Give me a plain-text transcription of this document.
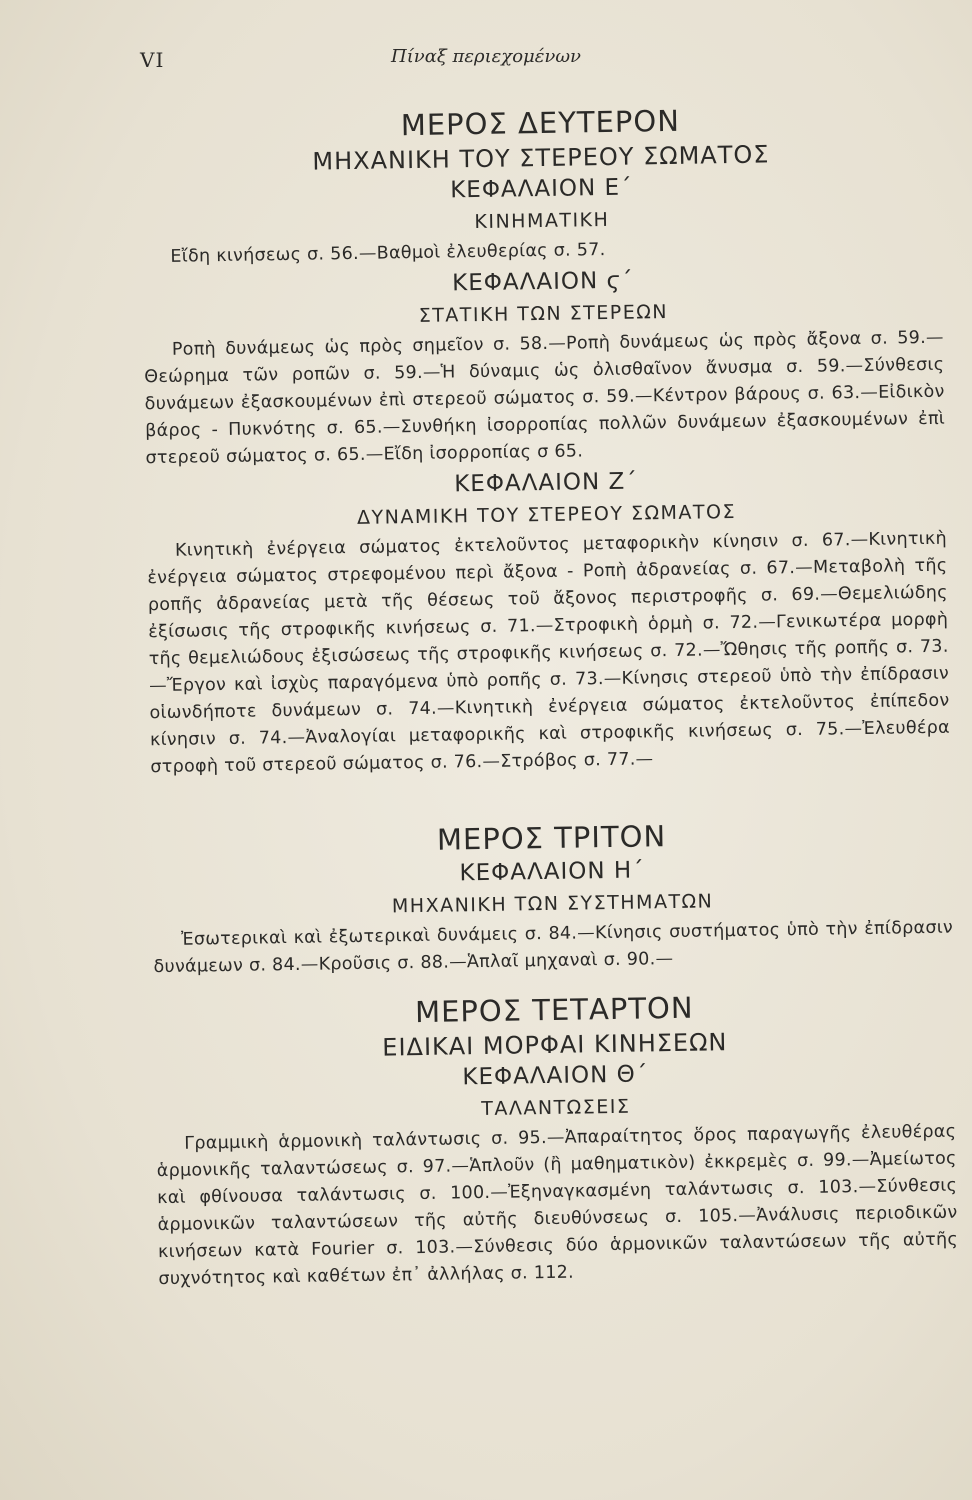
VI	Πίναξ περιεχομένων
ΜΕΡΟΣ ΔΕΥΤΕΡΟΝ
ΜΗΧΑΝΙΚΗ ΤΟΥ ΣΤΕΡΕΟΥ ΣΩΜΑΤΟΣ
ΚΕΦΑΛΑΙΟΝ Ε΄
ΚΙΝΗΜΑΤΙΚΗ

Εἴδη κινήσεως σ. 56.—Βαθμοὶ ἐλευθερίας σ. 57.

ΚΕΦΑΛΑΙΟΝ ϛ΄
ΣΤΑΤΙΚΗ ΤΩΝ ΣΤΕΡΕΩΝ

Ροπὴ δυνάμεως ὡς πρὸς σημεῖον σ. 58.—Ροπὴ δυνάμεως ὡς πρὸς ἄξονα σ. 59.—Θεώρημα τῶν ροπῶν σ. 59.—Ἡ δύναμις ὡς ὀλισθαῖνον ἄνυσμα σ. 59.—Σύνθεσις δυνάμεων ἐξασκουμένων ἐπὶ στερεοῦ σώματος σ. 59.—Κέντρον βάρους σ. 63.—Εἰδικὸν βάρος - Πυκνότης σ. 65.—Συνθήκη ἰσορροπίας πολλῶν δυνάμεων ἐξασκουμένων ἐπὶ στερεοῦ σώματος σ. 65.—Εἴδη ἰσορροπίας σ 65.

ΚΕΦΑΛΑΙΟΝ Ζ΄
ΔΥΝΑΜΙΚΗ ΤΟΥ ΣΤΕΡΕΟΥ ΣΩΜΑΤΟΣ

Κινητικὴ ἐνέργεια σώματος ἐκτελοῦντος μεταφορικὴν κίνησιν σ. 67.—Κινητικὴ ἐνέργεια σώματος στρεφομένου περὶ ἄξονα - Ροπὴ ἀδρανείας σ. 67.—Μεταβολὴ τῆς ροπῆς ἀδρανείας μετὰ τῆς θέσεως τοῦ ἄξονος περιστροφῆς σ. 69.—Θεμελιώδης ἐξίσωσις τῆς στροφικῆς κινήσεως σ. 71.—Στροφικὴ ὁρμὴ σ. 72.—Γενικωτέρα μορφὴ τῆς θεμελιώδους ἐξισώσεως τῆς στροφικῆς κινήσεως σ. 72.—Ὤθησις τῆς ροπῆς σ. 73.—Ἔργον καὶ ἰσχὺς παραγόμενα ὑπὸ ροπῆς σ. 73.—Κίνησις στερεοῦ ὑπὸ τὴν ἐπίδρασιν οἱωνδήποτε δυνάμεων σ. 74.—Κινητικὴ ἐνέργεια σώματος ἐκτελοῦντος ἐπίπεδον κίνησιν σ. 74.—Ἀναλογίαι μεταφορικῆς καὶ στροφικῆς κινήσεως σ. 75.—Ἐλευθέρα στροφὴ τοῦ στερεοῦ σώματος σ. 76.—Στρόβος σ. 77.—

ΜΕΡΟΣ ΤΡΙΤΟΝ
ΚΕΦΑΛΑΙΟΝ Η΄
ΜΗΧΑΝΙΚΗ ΤΩΝ ΣΥΣΤΗΜΑΤΩΝ

Ἐσωτερικαὶ καὶ ἐξωτερικαὶ δυνάμεις σ. 84.—Κίνησις συστήματος ὑπὸ τὴν ἐπίδρασιν δυνάμεων σ. 84.—Κροῦσις σ. 88.—Ἁπλαῖ μηχαναὶ σ. 90.—

ΜΕΡΟΣ ΤΕΤΑΡΤΟΝ
ΕΙΔΙΚΑΙ ΜΟΡΦΑΙ ΚΙΝΗΣΕΩΝ
ΚΕΦΑΛΑΙΟΝ Θ΄
ΤΑΛΑΝΤΩΣΕΙΣ

Γραμμικὴ ἁρμονικὴ ταλάντωσις σ. 95.—Ἀπαραίτητος ὅρος παραγωγῆς ἐλευθέρας ἁρμονικῆς ταλαντώσεως σ. 97.—Ἁπλοῦν (ἢ μαθηματικὸν) ἐκκρεμὲς σ. 99.—Ἀμείωτος καὶ φθίνουσα ταλάντωσις σ. 100.—Ἐξηναγκασμένη ταλάντωσις σ. 103.—Σύνθεσις ἁρμονικῶν ταλαντώσεων τῆς αὐτῆς διευθύνσεως σ. 105.—Ἀνάλυσις περιοδικῶν κινήσεων κατὰ Fourier σ. 103.—Σύνθεσις δύο ἁρμονικῶν ταλαντώσεων τῆς αὐτῆς συχνότητος καὶ καθέτων ἐπ᾿ ἀλλήλας σ. 112.
